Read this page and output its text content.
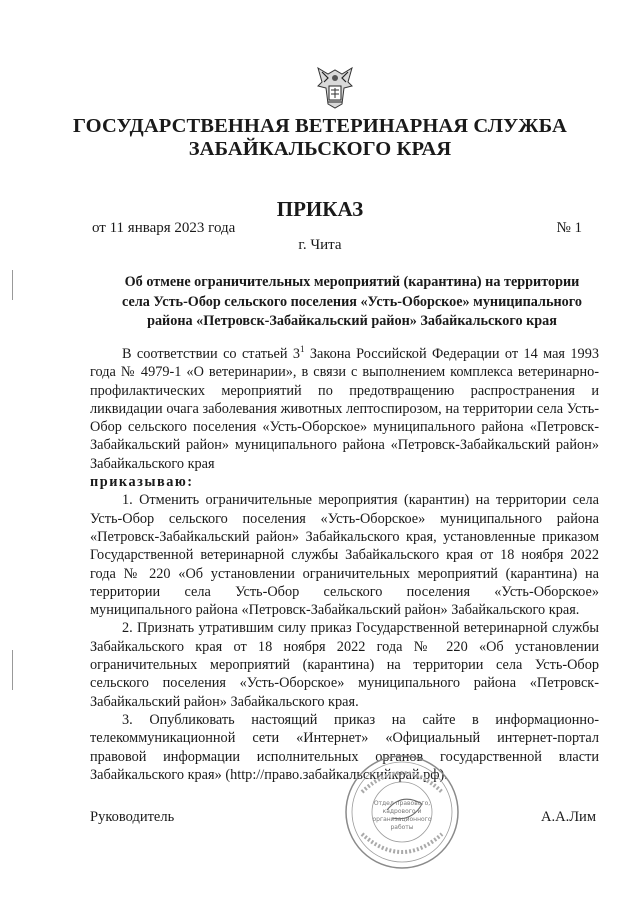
ГОСУДАРСТВЕННАЯ ВЕТЕРИНАРНАЯ СЛУЖБА
ЗАБАЙКАЛЬСКОГО КРАЯ
ПРИКАЗ
от 11 января 2023 года	№ 1
г. Чита
Об отмене ограничительных мероприятий (карантина) на территории
села Усть-Обор сельского поселения «Усть-Оборское» муниципального
района «Петровск-Забайкальский район» Забайкальского края

В соответствии со статьей $3^1$ Закона Российской Федерации от 14 мая 1993 года № 4979-1 «О ветеринарии», в связи с выполнением комплекса ветеринарно-профилактических мероприятий по предотвращению распространения и ликвидации очага заболевания животных лептоспирозом, на территории села Усть-Обор сельского поселения «Усть-Оборское» муниципального района «Петровск-Забайкальский район» муниципального района «Петровск-Забайкальский район» Забайкальского края

приказываю:

1. Отменить ограничительные мероприятия (карантин) на территории села Усть-Обор сельского поселения «Усть-Оборское» муниципального района «Петровск-Забайкальский район» Забайкальского края, установленные приказом Государственной ветеринарной службы Забайкальского края от 18 ноября 2022 года № 220 «Об установлении ограничительных мероприятий (карантина) на территории села Усть-Обор сельского поселения «Усть-Оборское» муниципального района «Петровск-Забайкальский район» Забайкальского края.

2. Признать утратившим силу приказ Государственной ветеринарной службы Забайкальского края от 18 ноября 2022 года № 220 «Об установлении ограничительных мероприятий (карантина) на территории села Усть-Обор сельского поселения «Усть-Оборское» муниципального района «Петровск-Забайкальский район» Забайкальского края.

3. Опубликовать настоящий приказ на сайте в информационно-телекоммуникационной сети «Интернет» «Официальный интернет-портал правовой информации исполнительных органов государственной власти Забайкальского края» (http://право.забайкальскийкрай.рф).

Руководитель	А.А.Лим
Отдел правового, кадрового и организационного работы
